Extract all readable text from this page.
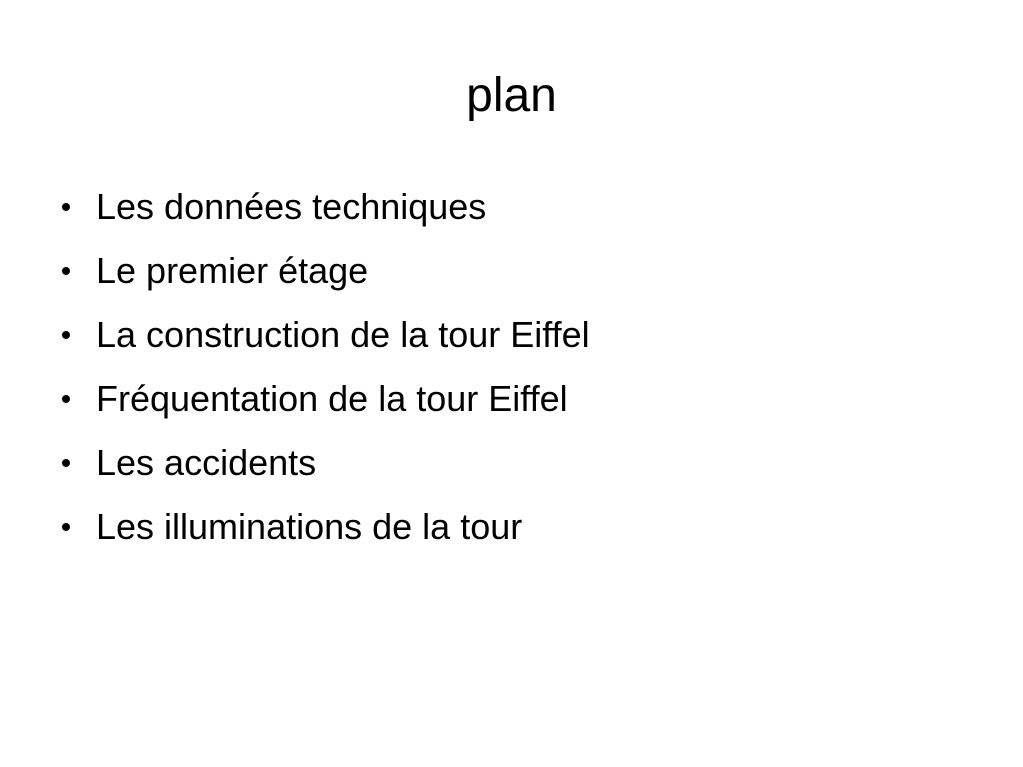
plan
Les données techniques
Le premier étage
La construction de la tour Eiffel
Fréquentation de la tour Eiffel
Les accidents
Les illuminations de la tour
